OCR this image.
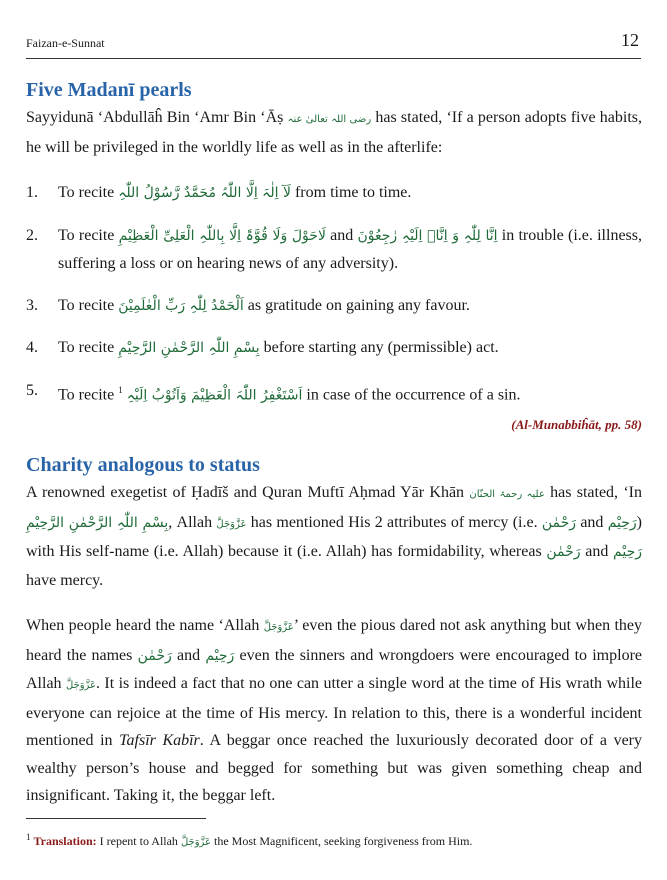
Faizan-e-Sunnat	12
Five Madanī pearls

Sayyidunā ‘Abdullāĥ Bin ‘Amr Bin ‘Āṣ رضی اللہ تعالیٰ عنہ has stated, ‘If a person adopts five habits, he will be privileged in the worldly life as well as in the afterlife:

1. To recite لَآ اِلٰہَ اِلَّا اللّٰہُ مُحَمَّدٌ رَّسُوْلُ اللّٰہِ from time to time.
2. To recite لَاحَوْلَ وَلَا قُوَّۃَ اِلَّا بِاللّٰہِ الْعَلِیِّ الْعَظِیْمِ and اِنَّا لِلّٰہِ وَ اِنَّاۤ اِلَیْہِ رٰجِعُوْنَ in trouble (i.e. illness, suffering a loss or on hearing news of any adversity).
3. To recite اَلْحَمْدُ لِلّٰہِ رَبِّ الْعٰلَمِیْنَ as gratitude on gaining any favour.
4. To recite بِسْمِ اللّٰہِ الرَّحْمٰنِ الرَّحِیْمِ before starting any (permissible) act.
5. To recite $^1$ اَسْتَغْفِرُ اللّٰہَ الْعَظِیْمَ وَاَتُوْبُ اِلَیْہِ in case of the occurrence of a sin.
(Al-Munabbiĥāt, pp. 58)
Charity analogous to status

A renowned exegetist of Ḥadīš and Quran Muftī Aḥmad Yār Khān علیہ رحمۃ الحنّان has stated, ‘In بِسْمِ اللّٰہِ الرَّحْمٰنِ الرَّحِیْمِ, Allah عَزَّوَجَلَّ has mentioned His 2 attributes of mercy (i.e. رَحْمٰن and رَحِیْم) with His self-name (i.e. Allah) because it (i.e. Allah) has formidability, whereas رَحْمٰن and رَحِیْم have mercy.

When people heard the name ‘Allah عَزَّوَجَلَّ’ even the pious dared not ask anything but when they heard the names رَحْمٰن and رَحِیْم even the sinners and wrongdoers were encouraged to implore Allah عَزَّوَجَلَّ. It is indeed a fact that no one can utter a single word at the time of His wrath while everyone can rejoice at the time of His mercy. In relation to this, there is a wonderful incident mentioned in Tafsīr Kabīr. A beggar once reached the luxuriously decorated door of a very wealthy person’s house and begged for something but was given something cheap and insignificant. Taking it, the beggar left.

$^1$ Translation: I repent to Allah عَزَّوَجَلَّ the Most Magnificent, seeking forgiveness from Him.
